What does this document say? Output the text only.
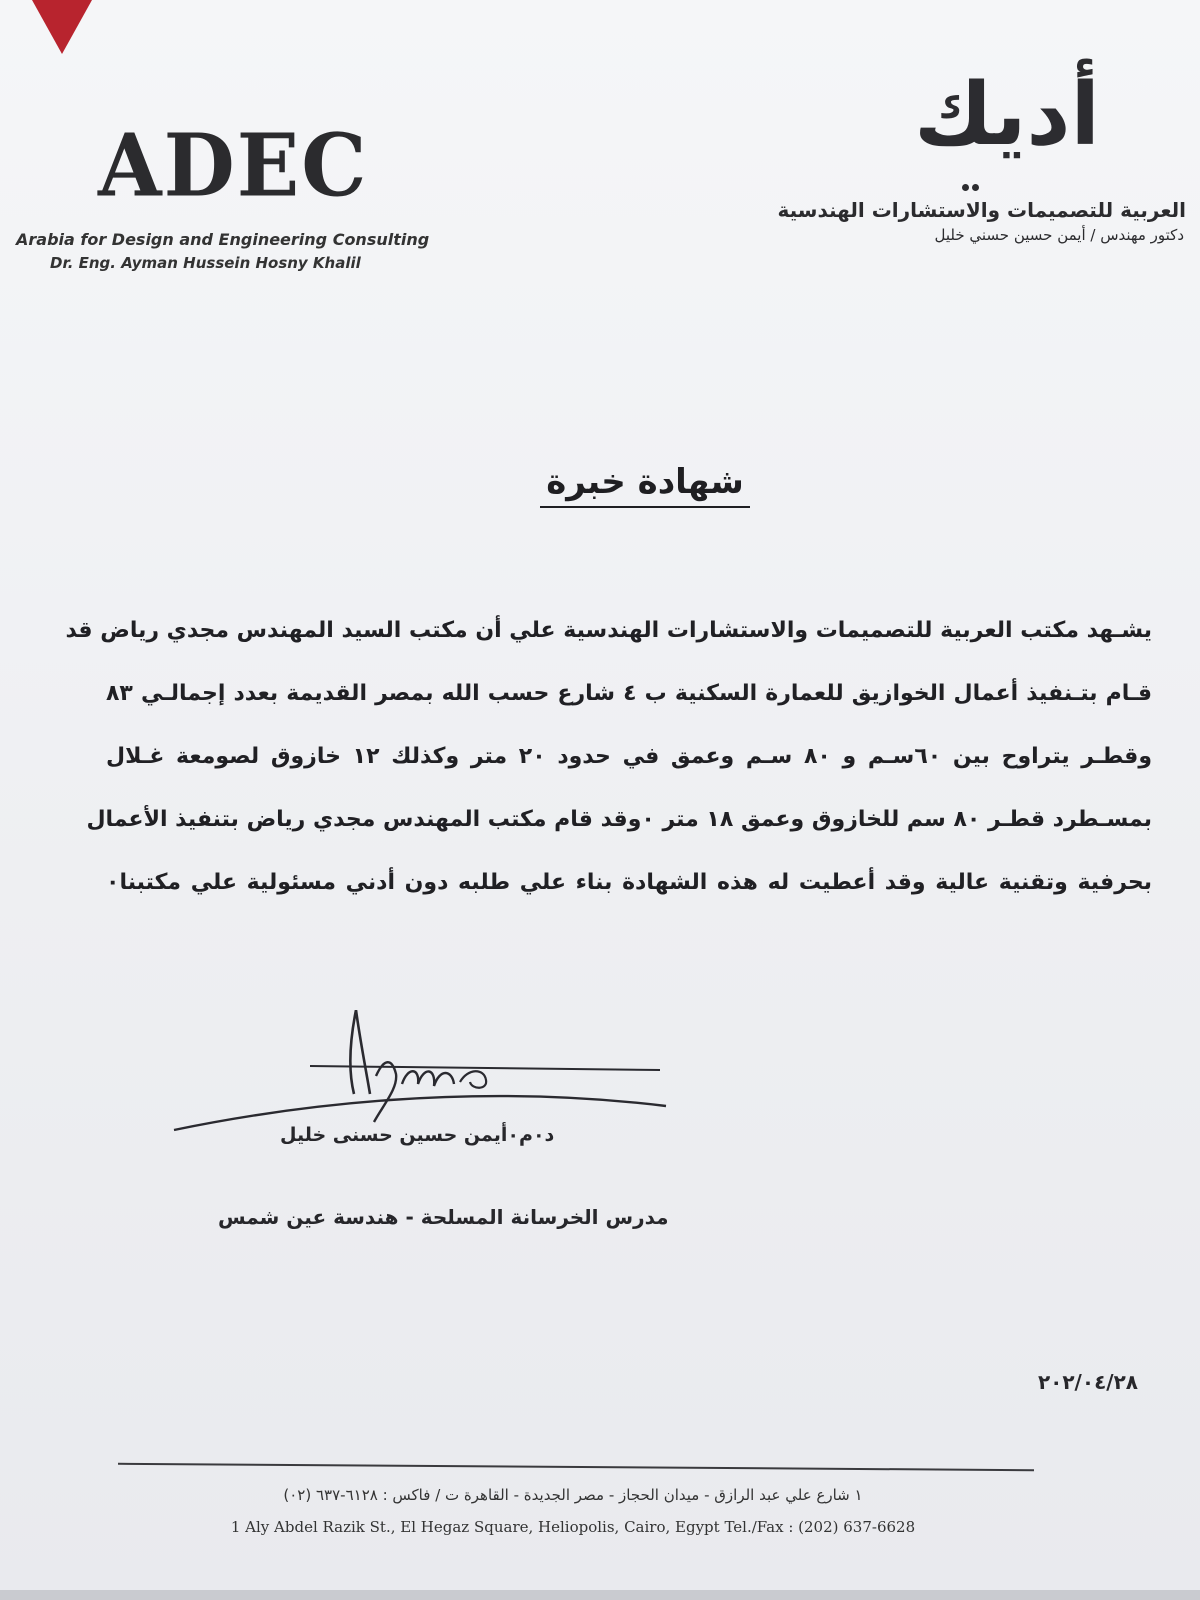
ADEC
Arabia for Design and Engineering Consulting
Dr. Eng. Ayman Hussein Hosny Khalil
أديك
العربية للتصميمات والاستشارات الهندسية
دكتور مهندس / أيمن حسين حسني خليل
شهادة خبرة
يشـهد مكتب العربية للتصميمات والاستشارات الهندسية علي أن مكتب السيد المهندس مجدي رياض قد
قـام بتـنفيذ أعمال الخوازيق للعمارة السكنية ب ٤ شارع حسب الله بمصر القديمة بعدد إجمالـي ٨٣
وقطـر يتراوح بين ٦٠سـم و ٨٠ سـم وعمق في حدود ٢٠ متر وكذلك ١٢ خازوق لصومعة غـلال
بمسـطرد قطـر ٨٠ سم للخازوق وعمق ١٨ متر ٠وقد قام مكتب المهندس مجدي رياض بتنفيذ الأعمال
بحرفية وتقنية عالية وقد أعطيت له هذه الشهادة بناء علي طلبه دون أدني مسئولية علي مكتبنا٠
د٠م٠أيمن حسين حسنى خليل
مدرس الخرسانة المسلحة - هندسة عين شمس
٢٠٢/٠٤/٢٨
١ شارع علي عبد الرازق - ميدان الحجاز - مصر الجديدة - القاهرة ت / فاكس : ٦١٢٨-٦٣٧ (٠٢)
1 Aly Abdel Razik St., El Hegaz Square, Heliopolis, Cairo, Egypt Tel./Fax : (202) 637-6628
